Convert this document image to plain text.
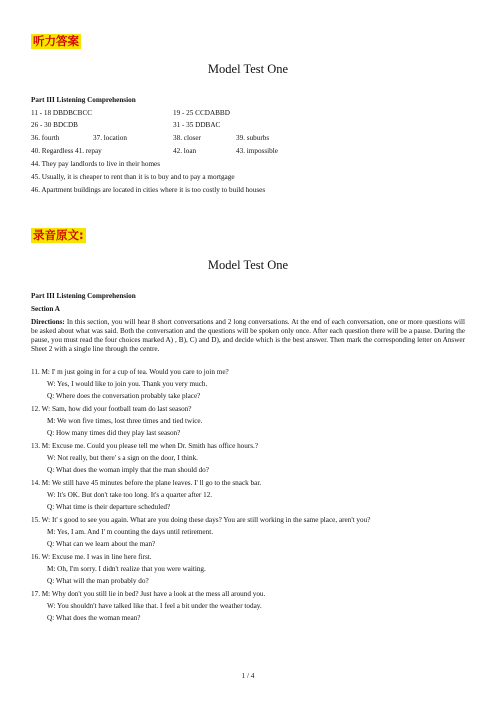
听力答案
Model Test One
Part III Listening Comprehension
11 - 18 DBDBCBCC	19 - 25 CCDABBD
26 - 30 BDCDB	31 - 35 DDBAC
36. fourth	37. location	38. closer	39. suburbs
40. Regardless 41. repay	42. loan	43. impossible
44. They pay landlords to live in their homes
45. Usually, it is cheaper to rent than it is to buy and to pay a mortgage
46. Apartment buildings are located in cities where it is too costly to build houses
录音原文:
Model Test One
Part III Listening Comprehension
Section A
Directions: In this section, you will hear 8 short conversations and 2 long conversations. At the end of each conversation, one or more questions will be asked about what was said. Both the conversation and the questions will be spoken only once. After each question there will be a pause. During the pause, you must read the four choices marked A) , B), C) and D), and decide which is the best answer. Then mark the corresponding letter on Answer Sheet 2 with a single line through the centre.
11. M: I' m just going in for a cup of tea. Would you care to join me?
W: Yes, I would like to join you. Thank you very much.
Q: Where does the conversation probably take place?
12. W: Sam, how did your football team do last season?
M: We won five times, lost three times and tied twice.
Q: How many times did they play last season?
13. M: Excuse me. Could you please tell me when Dr. Smith has office hours.?
W: Not really, but there' s a sign on the door, I think.
Q: What does the woman imply that the man should do?
14. M: We still have 45 minutes before the plane leaves. I' ll go to the snack bar.
W: It's OK. But don't take too long. It's a quarter after 12.
Q: What time is their departure scheduled?
15. W: It' s good to see you again. What are you doing these days? You are still working in the same place, aren't you?
M: Yes, I am. And I' m counting the days until retirement.
Q: What can we learn about the man?
16. W: Excuse me. I was in line here first.
M: Oh, I'm sorry. I didn't realize that you were waiting.
Q: What will the man probably do?
17. M: Why don't you still lie in bed? Just have a look at the mess all around you.
W: You shouldn't have talked like that. I feel a bit under the weather today.
Q: What does the woman mean?
1 / 4
